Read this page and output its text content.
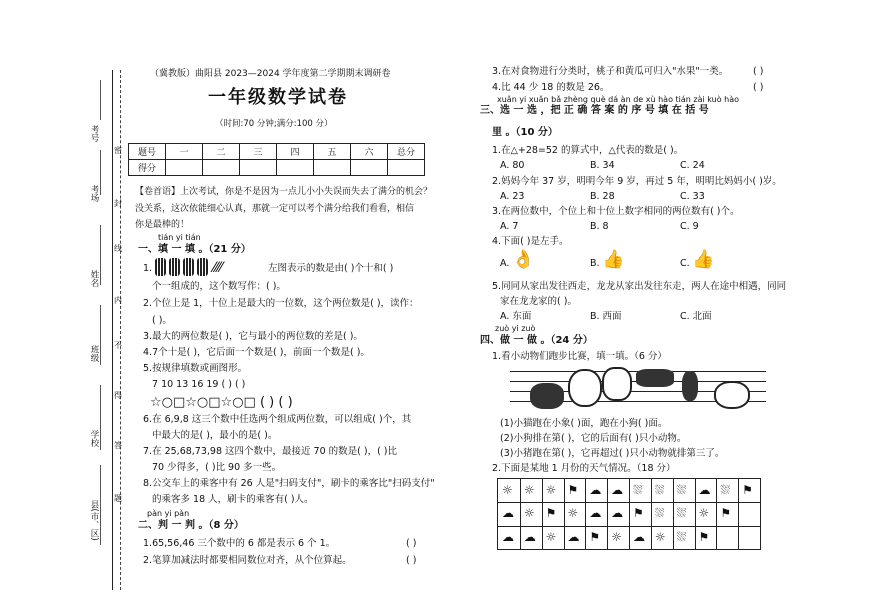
考号
考场
姓名
班级
学校
县(市、区)
密
封
线
内
不
得
答
题
（冀教版）曲阳县 2023—2024 学年度第二学期期末调研卷
一年级数学试卷
（时间:70 分钟;满分:100 分）
题号	一	二	三	四	五	六	总分
得分							
【卷首语】上次考试，你是不是因为一点儿小小失误而失去了满分的机会？
没关系，这次依能细心认真，那就一定可以考个满分给我们看看，相信
你是最棒的！
tián yi tián
一、填 一 填 。（21 分）
1.	⁄⁄⁄⁄	左图表示的数是由( )个十和( )
个一组成的，这个数写作：( )。
2.个位上是 1，十位上是最大的一位数，这个两位数是( )，读作：
( )。
3.最大的两位数是( )，它与最小的两位数的差是( )。
4.7个十是( )，它后面一个数是( )，前面一个数是( )。
5.按规律填数或画图形。
7 10 13 16 19 ( ) ( )
☆○□☆○□☆○□ ( ) ( )
6.在 6,9,8 这三个数中任选两个组成两位数，可以组成( )个，其
中最大的是( )，最小的是( )。
7.在 25,68,73,98 这四个数中，最接近 70 的数是( )，( )比
70 少得多，( )比 90 多一些。
8.公交车上的乘客中有 26 人是"扫码支付"，刷卡的乘客比"扫码支付"
的乘客多 18 人，刷卡的乘客有( )人。
pàn yi pàn
二、判 一 判 。（8 分）
1.65,56,46 三个数中的 6 都是表示 6 个 1。	( )
2.笔算加减法时都要相同数位对齐，从个位算起。	( )
3.在对食物进行分类时，桃子和黄瓜可归入"水果"一类。	( )
4.比 44 少 18 的数是 26。	( )
xuǎn yi xuǎn bǎ zhèng què dá àn de xù hào tián zài kuò hào
三、选 一 选 ，把 正 确 答 案 的 序 号 填 在 括 号
里 。（10 分）
1.在△+28=52 的算式中，△代表的数是( )。
A. 80	B. 34	C. 24
2.妈妈今年 37 岁，明明今年 9 岁，再过 5 年，明明比妈妈小( )岁。
A. 23	B. 28	C. 33
3.在两位数中，个位上和十位上数字相同的两位数有( )个。
A. 7	B. 8	C. 9
4.下面( )是左手。
A. 👌	B. 👍	C. 👍
5.同同从家出发往西走，龙龙从家出发往东走，两人在途中相遇，同同
家在龙龙家的( )。
A. 东面	B. 西面	C. 北面
zuò yi zuò
四、做 一 做 。（24 分）
1.看小动物们跑步比赛，填一填。（6 分）
(1)小猫跑在小象( )面，跑在小狗( )面。
(2)小狗排在第( )，它的后面有( )只小动物。
(3)小猪跑在第( )，它再超过( )只小动物就排第三了。
2.下面是某地 1 月份的天气情况。（18 分）
☼ ☼ ☼ ⚑ ☁ ☁ ⛆ ⛆ ⛆ ☁ ⛆ ⚑
☁ ☼ ⚑ ☼ ☁ ☁ ⚑ ⛆ ⛆ ☼ ⚑
☁ ☁ ☼ ☁ ⚑ ☼ ☁ ☼ ⛆ ⚑
